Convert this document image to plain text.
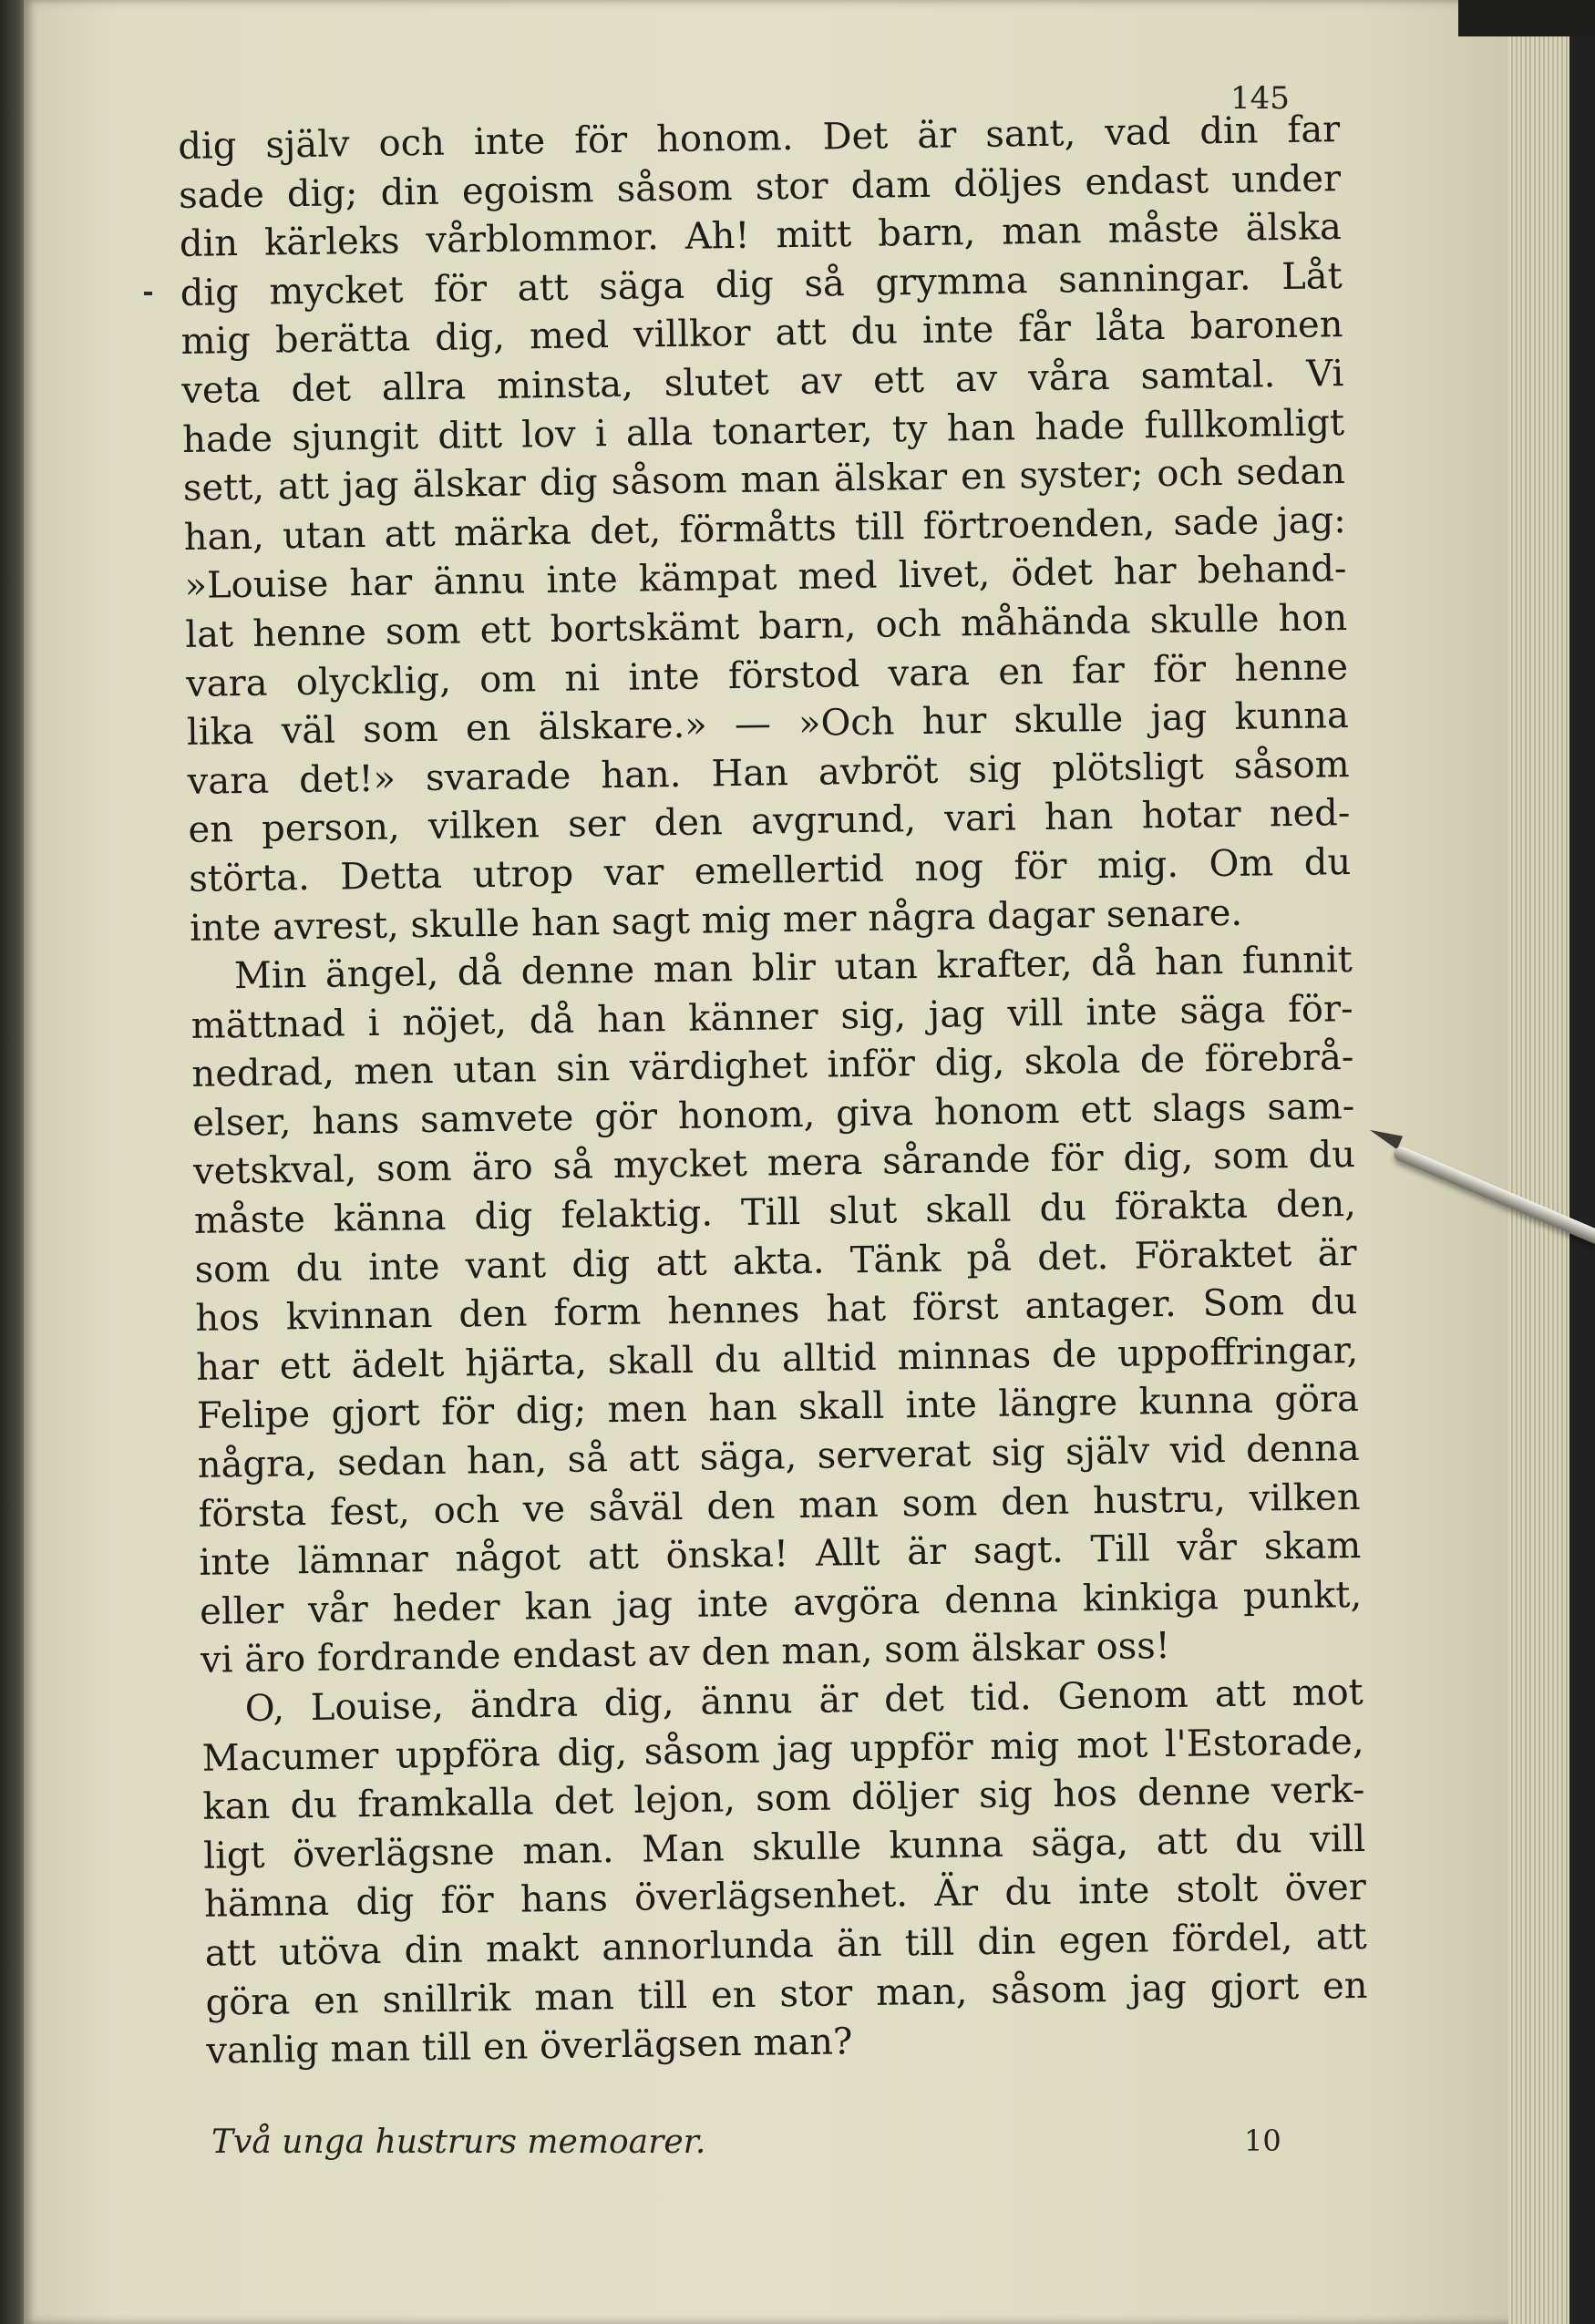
145
dig själv och inte för honom. Det är sant, vad din far
sade dig; din egoism såsom stor dam döljes endast under
din kärleks vårblommor. Ah! mitt barn, man måste älska
dig mycket för att säga dig så grymma sanningar. Låt
mig berätta dig, med villkor att du inte får låta baronen
veta det allra minsta, slutet av ett av våra samtal. Vi
hade sjungit ditt lov i alla tonarter, ty han hade fullkomligt
sett, att jag älskar dig såsom man älskar en syster; och sedan
han, utan att märka det, förmåtts till förtroenden, sade jag:
»Louise har ännu inte kämpat med livet, ödet har behand-
lat henne som ett bortskämt barn, och måhända skulle hon
vara olycklig, om ni inte förstod vara en far för henne
lika väl som en älskare.» — »Och hur skulle jag kunna
vara det!» svarade han. Han avbröt sig plötsligt såsom
en person, vilken ser den avgrund, vari han hotar ned-
störta. Detta utrop var emellertid nog för mig. Om du
inte avrest, skulle han sagt mig mer några dagar senare.
Min ängel, då denne man blir utan krafter, då han funnit
mättnad i nöjet, då han känner sig, jag vill inte säga för-
nedrad, men utan sin värdighet inför dig, skola de förebrå-
elser, hans samvete gör honom, giva honom ett slags sam-
vetskval, som äro så mycket mera sårande för dig, som du
måste känna dig felaktig. Till slut skall du förakta den,
som du inte vant dig att akta. Tänk på det. Föraktet är
hos kvinnan den form hennes hat först antager. Som du
har ett ädelt hjärta, skall du alltid minnas de uppoffringar,
Felipe gjort för dig; men han skall inte längre kunna göra
några, sedan han, så att säga, serverat sig själv vid denna
första fest, och ve såväl den man som den hustru, vilken
inte lämnar något att önska! Allt är sagt. Till vår skam
eller vår heder kan jag inte avgöra denna kinkiga punkt,
vi äro fordrande endast av den man, som älskar oss!
O, Louise, ändra dig, ännu är det tid. Genom att mot
Macumer uppföra dig, såsom jag uppför mig mot l'Estorade,
kan du framkalla det lejon, som döljer sig hos denne verk-
ligt överlägsne man. Man skulle kunna säga, att du vill
hämna dig för hans överlägsenhet. Är du inte stolt över
att utöva din makt annorlunda än till din egen fördel, att
göra en snillrik man till en stor man, såsom jag gjort en
vanlig man till en överlägsen man?
Två unga hustrurs memoarer.	10
